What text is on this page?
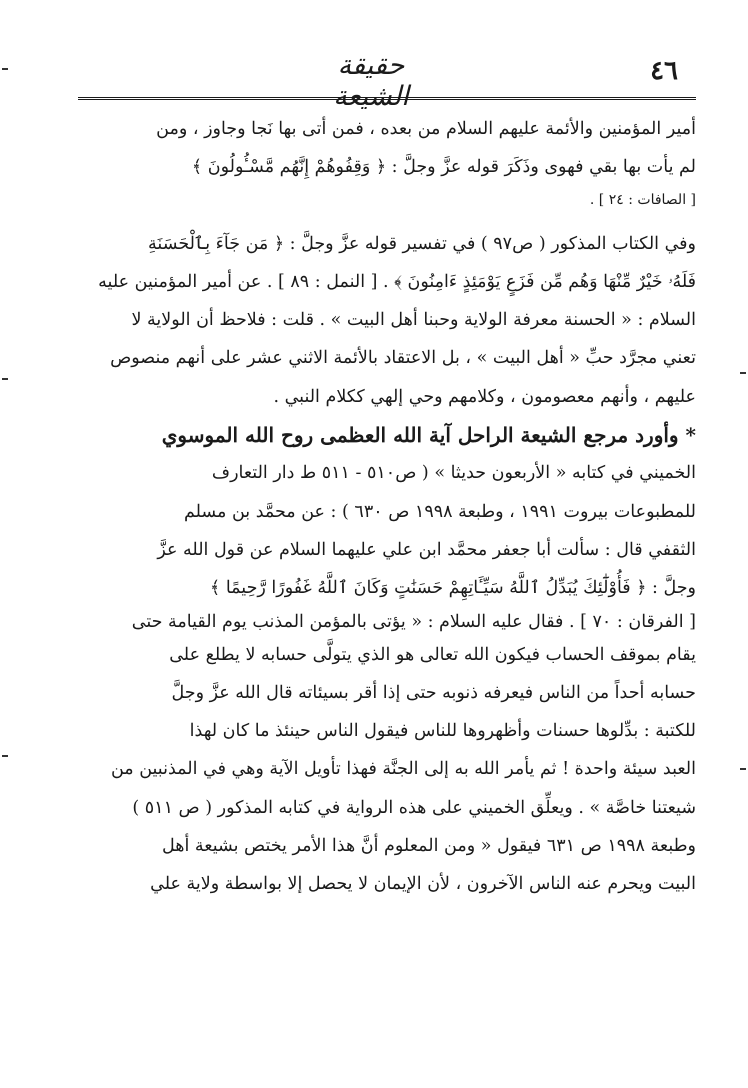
٤٦
حقيقة الشيعة
أمير المؤمنين والأئمة عليهم السلام من بعده ، فمن أتى بها نَجا وجاوز ، ومن
لم يأت بها بقي فهوى وذَكَرَ قوله عزَّ وجلَّ : ﴿ وَقِفُوهُمْ إِنَّهُم مَّسْـُٔولُونَ ﴾
[ الصافات : ٢٤ ] .
وفي الكتاب المذكور ( ص٩٧ ) في تفسير قوله عزَّ وجلَّ : ﴿ مَن جَآءَ بِٱلْحَسَنَةِ
فَلَهُۥ خَيْرٌ مِّنْهَا وَهُم مِّن فَزَعٍ يَوْمَئِذٍ ءَامِنُونَ ﴾ . [ النمل : ٨٩ ] . عن أمير المؤمنين عليه
السلام : « الحسنة معرفة الولاية وحبنا أهل البيت » . قلت : فلاحظ أن الولاية لا
تعني مجرَّد حبِّ « أهل البيت » ، بل الاعتقاد بالأئمة الاثني عشر على أنهم منصوص
عليهم ، وأنهم معصومون ، وكلامهم وحي إلهي ككلام النبي .
* وأورد مرجع الشيعة الراحل آية الله العظمى روح الله الموسوي
الخميني في كتابه « الأربعون حديثا » ( ص٥١٠ - ٥١١ ط دار التعارف
للمطبوعات بيروت ١٩٩١ ، وطبعة ١٩٩٨ ص ٦٣٠ ) : عن محمَّد بن مسلم
الثقفي قال : سألت أبا جعفر محمَّد ابن علي عليهما السلام عن قول الله عزَّ
وجلَّ : ﴿ فَأُوْلَٰٓئِكَ يُبَدِّلُ ٱللَّهُ سَيِّـَٔاتِهِمْ حَسَنَٰتٍ وَكَانَ ٱللَّهُ غَفُورًا رَّحِيمًا ﴾
[ الفرقان : ٧٠ ] . فقال عليه السلام : « يؤتى بالمؤمن المذنب يوم القيامة حتى
يقام بموقف الحساب فيكون الله تعالى هو الذي يتولَّى حسابه لا يطلع على
حسابه أحداً من الناس فيعرفه ذنوبه حتى إذا أقر بسيئاته قال الله عزَّ وجلَّ
للكتبة : بدِّلوها حسنات وأظهروها للناس فيقول الناس حينئذ ما كان لهذا
العبد سيئة واحدة ! ثم يأمر الله به إلى الجنَّة فهذا تأويل الآية وهي في المذنبين من
شيعتنا خاصَّة » . ويعلِّق الخميني على هذه الرواية في كتابه المذكور ( ص ٥١١ )
وطبعة ١٩٩٨ ص ٦٣١ فيقول « ومن المعلوم أنَّ هذا الأمر يختص بشيعة أهل
البيت ويحرم عنه الناس الآخرون ، لأن الإيمان لا يحصل إلا بواسطة ولاية علي
